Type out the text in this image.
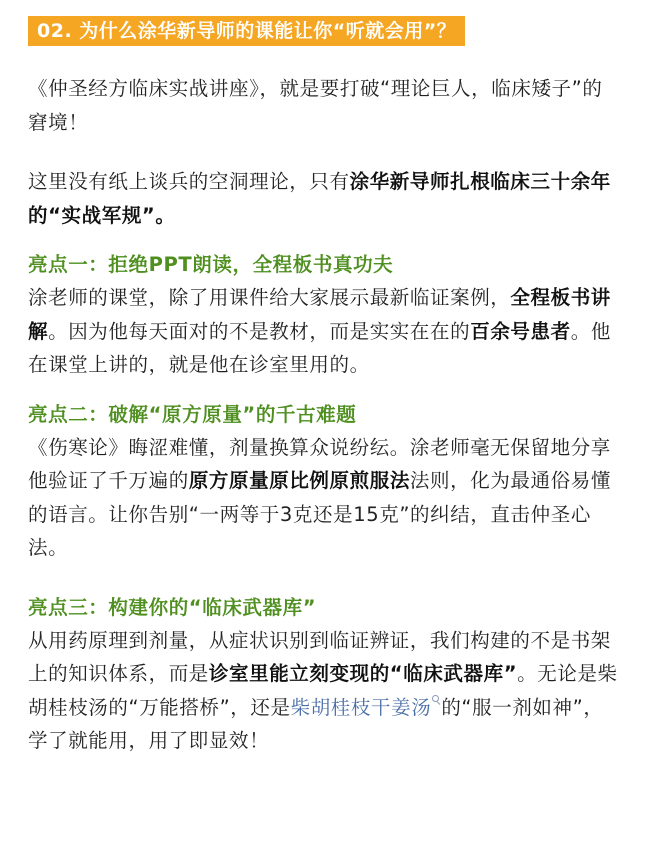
02. 为什么涂华新导师的课能让你“听就会用”？

《仲圣经方临床实战讲座》，就是要打破“理论巨人，临床矮子”的窘境！

这里没有纸上谈兵的空洞理论，只有涂华新导师扎根临床三十余年的“实战军规”。

亮点一：拒绝PPT朗读，全程板书真功夫

涂老师的课堂，除了用课件给大家展示最新临证案例，全程板书讲解。因为他每天面对的不是教材，而是实实在在的百余号患者。他在课堂上讲的，就是他在诊室里用的。

亮点二：破解“原方原量”的千古难题

《伤寒论》晦涩难懂，剂量换算众说纷纭。涂老师毫无保留地分享他验证了千万遍的原方原量原比例原煎服法法则，化为最通俗易懂的语言。让你告别“一两等于3克还是15克”的纠结，直击仲圣心法。

亮点三：构建你的“临床武器库”

从用药原理到剂量，从症状识别到临证辨证，我们构建的不是书架上的知识体系，而是诊室里能立刻变现的“临床武器库”。无论是柴胡桂枝汤的“万能搭桥”，还是柴胡桂枝干姜汤 的“服一剂如神”，学了就能用，用了即显效！
